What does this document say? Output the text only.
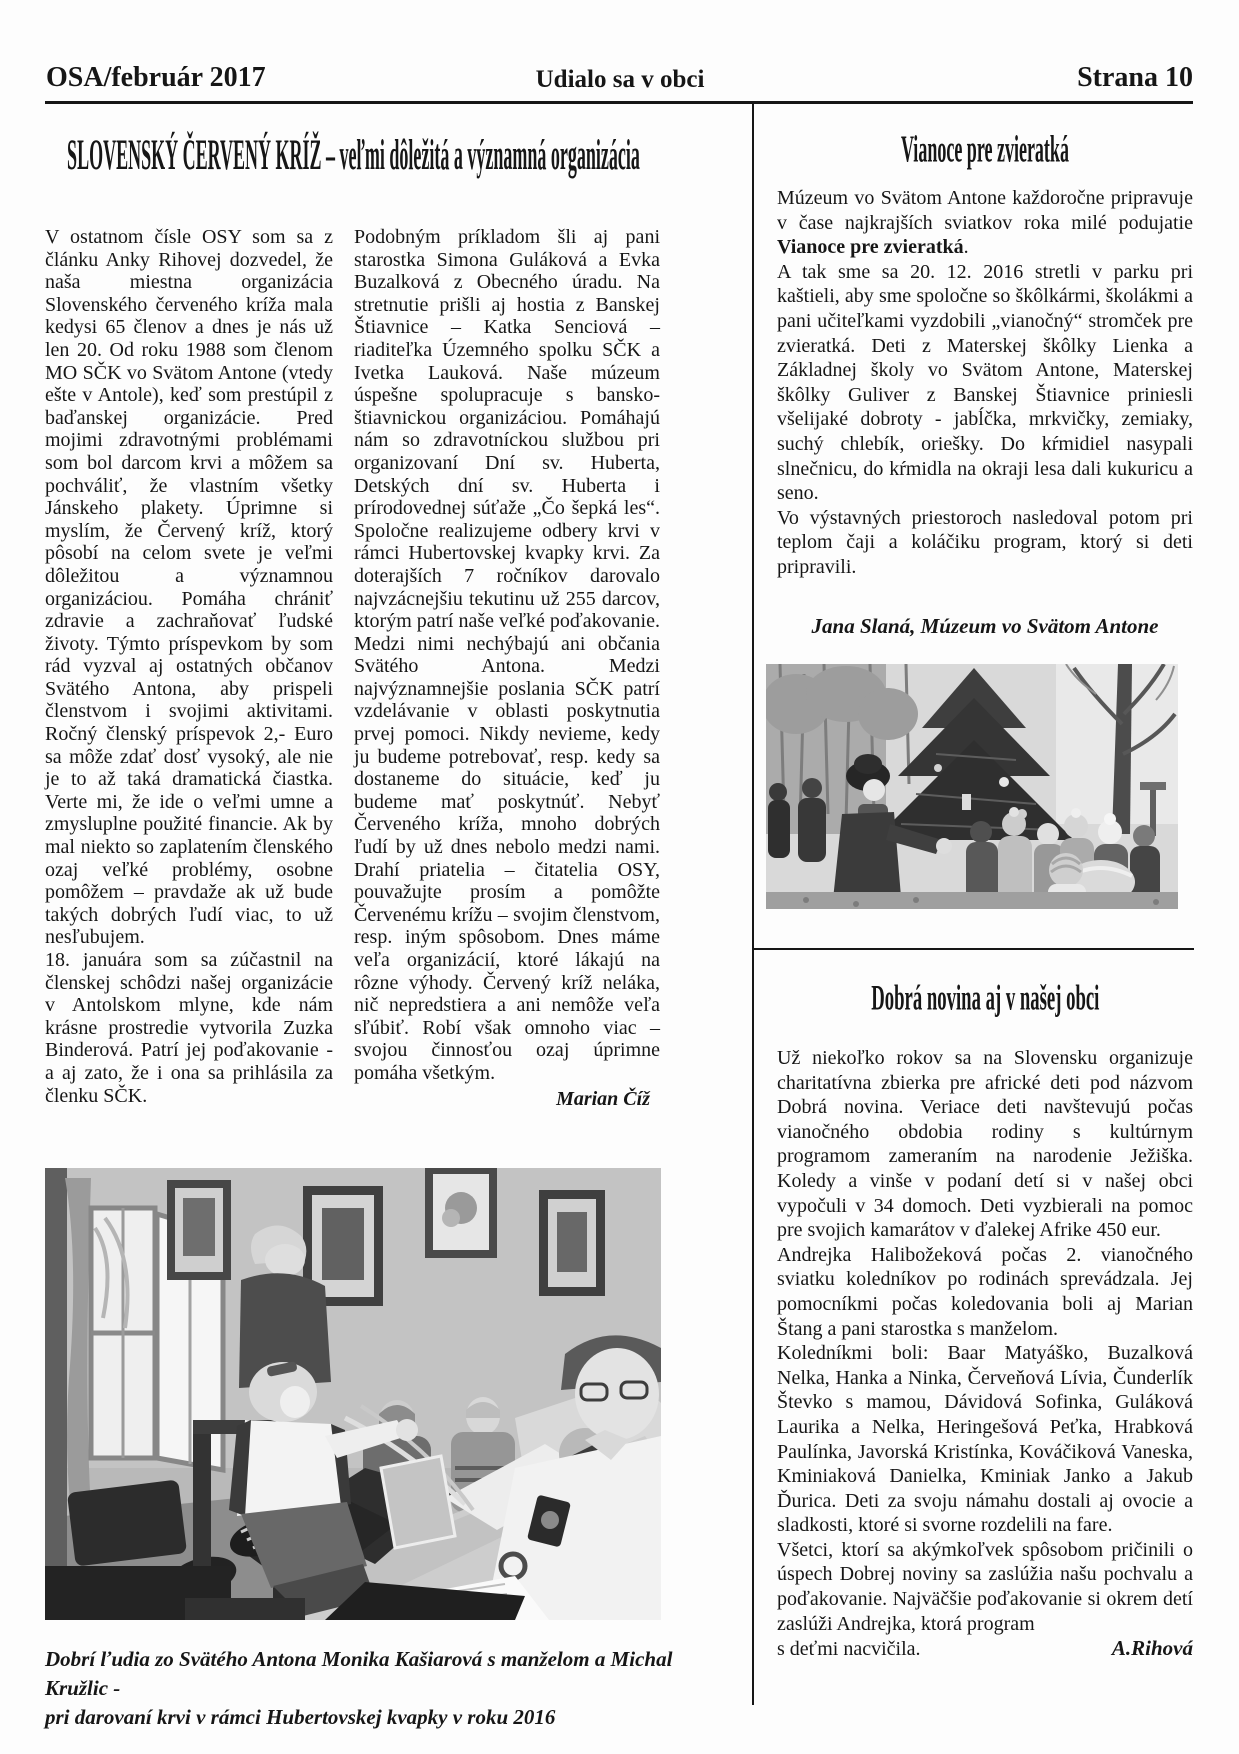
OSA/február 2017	Udialo sa v obci	Strana 10
SLOVENSKÝ ČERVENÝ KRÍŽ – veľmi dôležitá a významná organizácia

V ostatnom čísle OSY som sa z článku Anky Rihovej dozvedel, že naša miestna organizácia Slovenského červeného kríža mala kedysi 65 členov a dnes je nás už len 20. Od roku 1988 som členom MO SČK vo Svätom Antone (vtedy ešte v Antole), keď som prestúpil z baďanskej organizácie. Pred mojimi zdravotnými problémami som bol darcom krvi a môžem sa pochváliť, že vlastním všetky Jánskeho plakety. Úprimne si myslím, že Červený kríž, ktorý pôsobí na celom svete je veľmi dôležitou a významnou organizáciou. Pomáha chrániť zdravie a zachraňovať ľudské životy. Týmto príspevkom by som rád vyzval aj ostatných občanov Svätého Antona, aby prispeli členstvom i svojimi aktivitami. Ročný členský príspevok 2,- Euro sa môže zdať dosť vysoký, ale nie je to až taká dramatická čiastka. Verte mi, že ide o veľmi umne a zmysluplne použité financie. Ak by mal niekto so zaplatením členského ozaj veľké problémy, osobne pomôžem – pravdaže ak už bude takých dobrých ľudí viac, to už nesľubujem.

18. januára som sa zúčastnil na členskej schôdzi našej organizácie v Antolskom mlyne, kde nám krásne prostredie vytvorila Zuzka Binderová. Patrí jej poďakovanie - a aj zato, že i ona sa prihlásila za členku SČK.

Podobným príkladom šli aj pani starostka Simona Guláková a Evka Buzalková z Obecného úradu. Na stretnutie prišli aj hostia z Banskej Štiavnice – Katka Senciová – riaditeľka Územného spolku SČK a Ivetka Lauková. Naše múzeum úspešne spolupracuje s bansko-štiavnickou organizáciou. Pomáhajú nám so zdravotníckou službou pri organizovaní Dní sv. Huberta, Detských dní sv. Huberta i prírodovednej súťaže „Čo šepká les“. Spoločne realizujeme odbery krvi v rámci Hubertovskej kvapky krvi. Za doterajších 7 ročníkov darovalo najvzácnejšiu tekutinu už 255 darcov, ktorým patrí naše veľké poďakovanie. Medzi nimi nechýbajú ani občania Svätého Antona. Medzi najvýznamnejšie poslania SČK patrí vzdelávanie v oblasti poskytnutia prvej pomoci. Nikdy nevieme, kedy ju budeme potrebovať, resp. kedy sa dostaneme do situácie, keď ju budeme mať poskytnúť. Nebyť Červeného kríža, mnoho dobrých ľudí by už dnes nebolo medzi nami. Drahí priatelia – čitatelia OSY, pouvažujte prosím a pomôžte Červenému krížu – svojim členstvom, resp. iným spôsobom. Dnes máme veľa organizácií, ktoré lákajú na rôzne výhody. Červený kríž neláka, nič nepredstiera a ani nemôže veľa sľúbiť. Robí však omnoho viac – svojou činnosťou ozaj úprimne pomáha všetkým.

Marian Číž
Vianoce pre zvieratká

Múzeum vo Svätom Antone každoročne pripravuje v čase najkrajších sviatkov roka milé podujatie Vianoce pre zvieratká.

A tak sme sa 20. 12. 2016 stretli v parku pri kaštieli, aby sme spoločne so škôlkármi, školákmi a pani učiteľkami vyzdobili „vianočný“ stromček pre zvieratká. Deti z Materskej škôlky Lienka a Základnej školy vo Svätom Antone, Materskej škôlky Guliver z Banskej Štiavnice priniesli všelijaké dobroty - jabĺčka, mrkvičky, zemiaky, suchý chlebík, oriešky. Do kŕmidiel nasypali slnečnicu, do kŕmidla na okraji lesa dali kukuricu a seno.

Vo výstavných priestoroch nasledoval potom pri teplom čaji a koláčiku program, ktorý si deti pripravili.

Jana Slaná, Múzeum vo Svätom Antone
Dobrá novina aj v našej obci

Už niekoľko rokov sa na Slovensku organizuje charitatívna zbierka pre africké deti pod názvom Dobrá novina. Veriace deti navštevujú počas vianočného obdobia rodiny s kultúrnym programom zameraním na narodenie Ježiška. Koledy a vinše v podaní detí si v našej obci vypočuli v 34 domoch. Deti vyzbierali na pomoc pre svojich kamarátov v ďalekej Afrike 450 eur.

Andrejka Halibožeková počas 2. vianočného sviatku koledníkov po rodinách sprevádzala. Jej pomocníkmi počas koledovania boli aj Marian Štang a pani starostka s manželom.

Koledníkmi boli: Baar Matyáško, Buzalková Nelka, Hanka a Ninka, Červeňová Lívia, Čunderlík Števko s mamou, Dávidová Sofinka, Guláková Laurika a Nelka, Heringešová Peťka, Hrabková Paulínka, Javorská Kristínka, Kováčiková Vaneska, Kminiaková Danielka, Kminiak Janko a Jakub Ďurica. Deti za svoju námahu dostali aj ovocie a sladkosti, ktoré si svorne rozdelili na fare.

Všetci, ktorí sa akýmkoľvek spôsobom pričinili o úspech Dobrej noviny sa zaslúžia našu pochvalu a poďakovanie. Najväčšie poďakovanie si okrem detí zaslúži Andrejka, ktorá program

s deťmi nacvičila.	A.Rihová
Dobrí ľudia zo Svätého Antona Monika Kašiarová s manželom a Michal Kružlic -
pri darovaní krvi v rámci Hubertovskej kvapky v roku 2016
